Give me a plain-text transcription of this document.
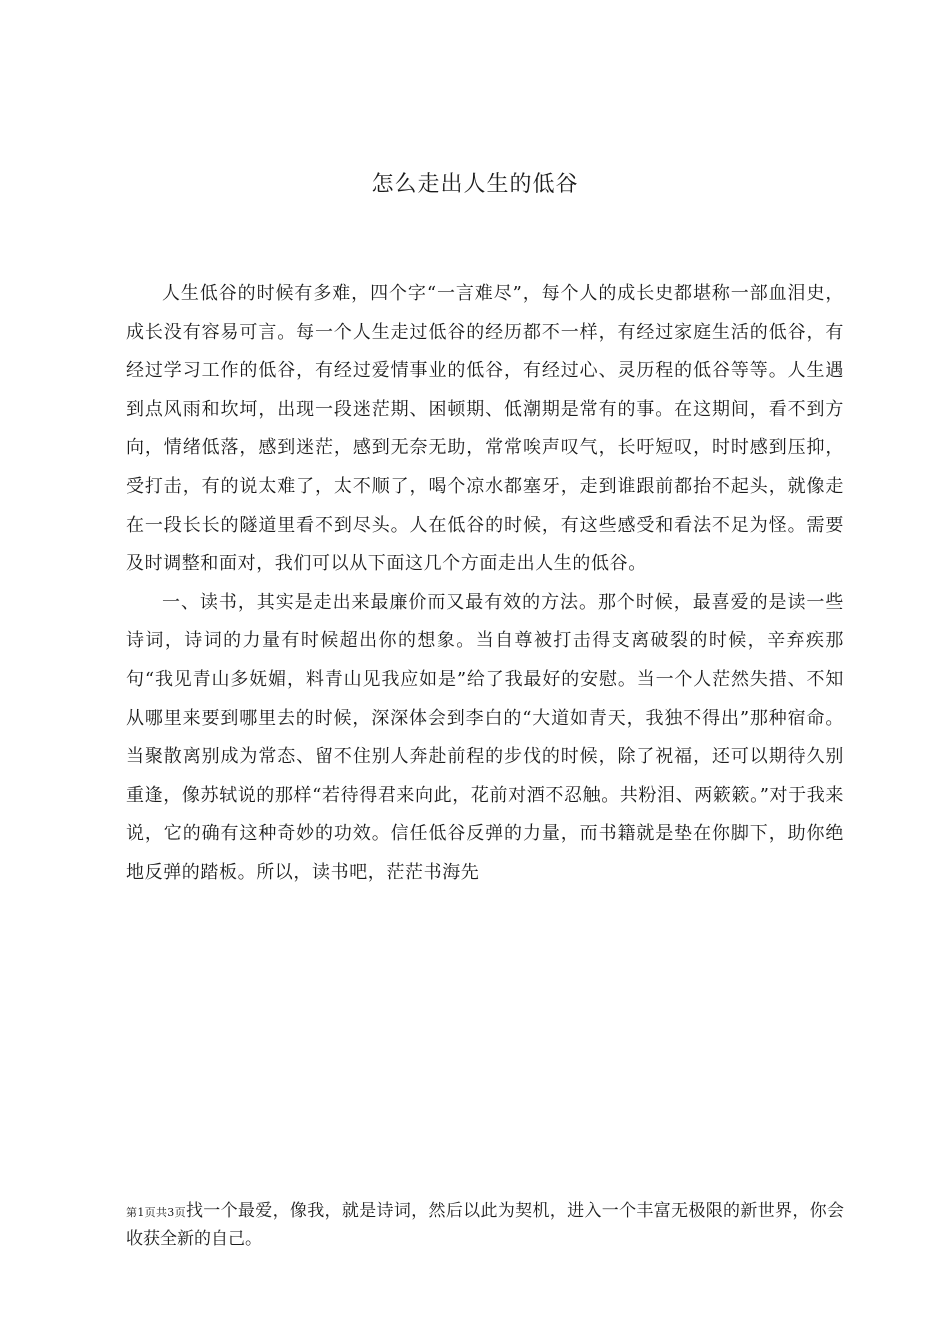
怎么走出人生的低谷

人生低谷的时候有多难，四个字“一言难尽”，每个人的成长史都堪称一部血泪史，成长没有容易可言。每一个人生走过低谷的经历都不一样，有经过家庭生活的低谷，有经过学习工作的低谷，有经过爱情事业的低谷，有经过心、灵历程的低谷等等。人生遇到点风雨和坎坷，出现一段迷茫期、困顿期、低潮期是常有的事。在这期间，看不到方向，情绪低落，感到迷茫，感到无奈无助，常常唉声叹气，长吁短叹，时时感到压抑，受打击，有的说太难了，太不顺了，喝个凉水都塞牙，走到谁跟前都抬不起头，就像走在一段长长的隧道里看不到尽头。人在低谷的时候，有这些感受和看法不足为怪。需要及时调整和面对，我们可以从下面这几个方面走出人生的低谷。

一、读书，其实是走出来最廉价而又最有效的方法。那个时候，最喜爱的是读一些诗词，诗词的力量有时候超出你的想象。当自尊被打击得支离破裂的时候，辛弃疾那句“我见青山多妩媚，料青山见我应如是”给了我最好的安慰。当一个人茫然失措、不知从哪里来要到哪里去的时候，深深体会到李白的“大道如青天，我独不得出”那种宿命。当聚散离别成为常态、留不住别人奔赴前程的步伐的时候，除了祝福，还可以期待久别重逢，像苏轼说的那样“若待得君来向此，花前对酒不忍触。共粉泪、两簌簌。”对于我来说，它的确有这种奇妙的功效。信任低谷反弹的力量，而书籍就是垫在你脚下，助你绝地反弹的踏板。所以，读书吧，茫茫书海先

第1页共3页找一个最爱，像我，就是诗词，然后以此为契机，进入一个丰富无极限的新世界，你会收获全新的自己。
